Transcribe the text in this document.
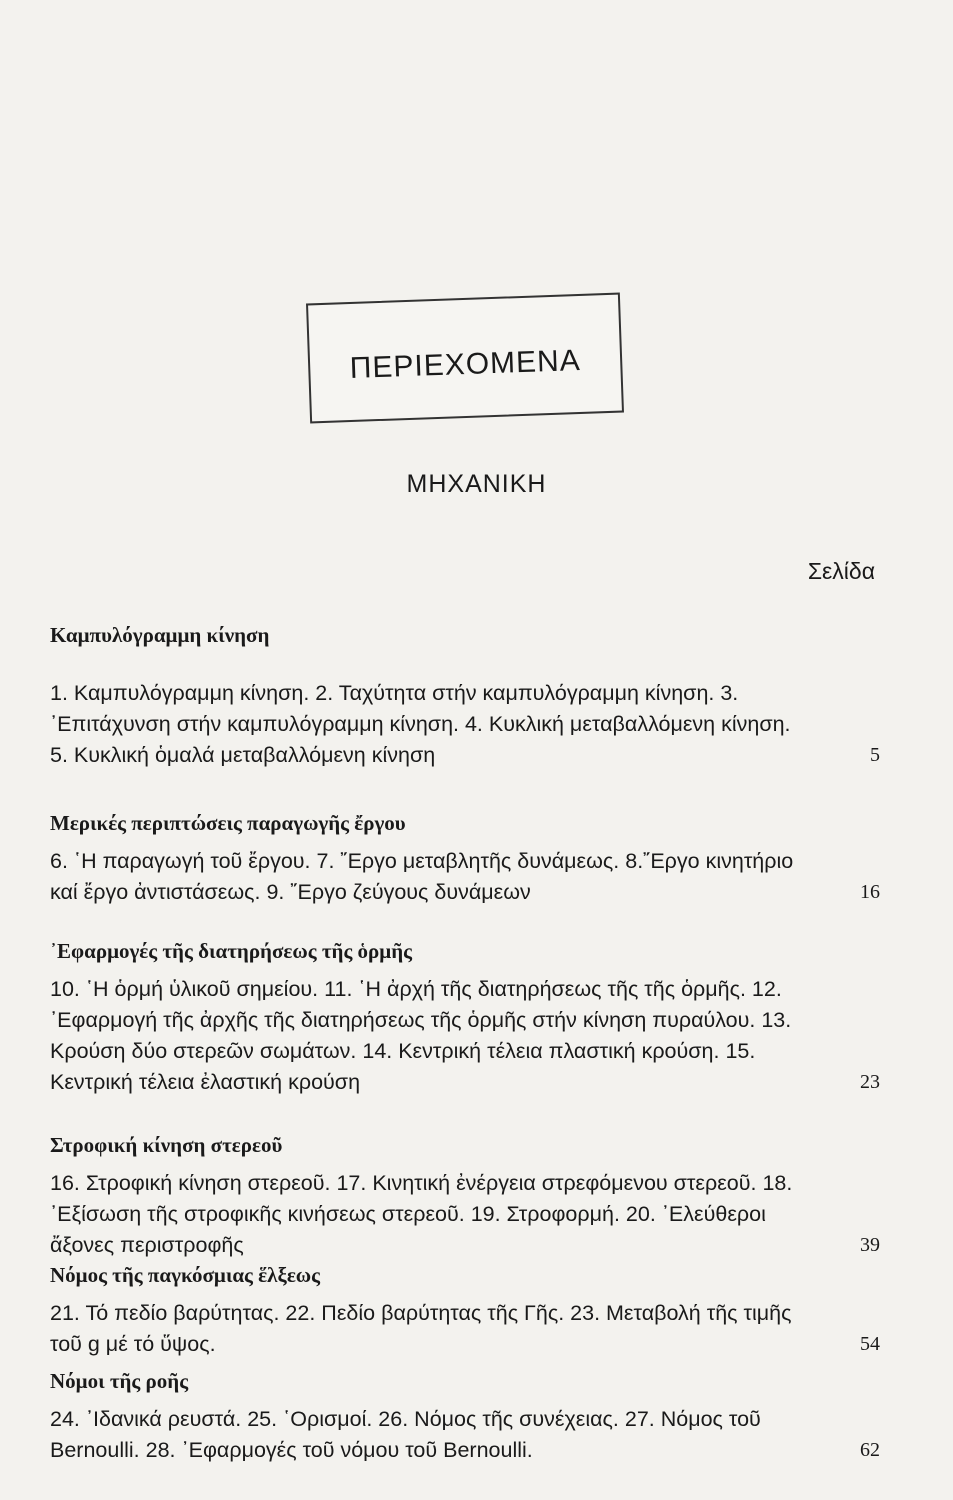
ΠΕΡΙΕΧΟΜΕΝΑ
ΜΗΧΑΝΙΚΗ
Σελίδα
Καμπυλόγραμμη κίνηση
1. Καμπυλόγραμμη κίνηση. 2. Ταχύτητα στήν καμπυλόγραμμη κίνηση. 3. ᾿Επιτάχυνση στήν καμπυλόγραμμη κίνηση. 4. Κυκλική μεταβαλλόμενη κίνηση. 5. Κυκλική ὁμαλά μεταβαλλόμενη κίνηση	5
Μερικές περιπτώσεις παραγωγῆς ἔργου
6. ῾Η παραγωγή τοῦ ἔργου. 7. ῎Εργο μεταβλητῆς δυνάμεως. 8.῎Εργο κινητήριο καί ἔργο ἀντιστάσεως. 9. ῎Εργο ζεύγους δυνάμεων	16
᾿Εφαρμογές τῆς διατηρήσεως τῆς ὁρμῆς
10. ῾Η ὁρμή ὑλικοῦ σημείου. 11. ῾Η ἀρχή τῆς διατηρήσεως τῆς τῆς ὁρμῆς. 12. ᾿Εφαρμογή τῆς ἀρχῆς τῆς διατηρήσεως τῆς ὁρμῆς στήν κίνηση πυραύλου. 13. Κρούση δύο στερεῶν σωμάτων. 14. Κεντρική τέλεια πλαστική κρούση. 15. Κεντρική τέλεια ἐλαστική κρούση	23
Στροφική κίνηση στερεοῦ
16. Στροφική κίνηση στερεοῦ. 17. Κινητική ἐνέργεια στρεφόμενου στερεοῦ. 18. ᾿Εξίσωση τῆς στροφικῆς κινήσεως στερεοῦ. 19. Στροφορμή. 20. ᾿Ελεύθεροι ἄξονες περιστροφῆς	39
Νόμος τῆς παγκόσμιας ἕλξεως
21. Τό πεδίο βαρύτητας. 22. Πεδίο βαρύτητας τῆς Γῆς. 23. Μεταβολή τῆς τιμῆς τοῦ g μέ τό ὕψος.	54
Νόμοι τῆς ροῆς
24. ᾿Ιδανικά ρευστά. 25. ῾Ορισμοί. 26. Νόμος τῆς συνέχειας. 27. Νόμος τοῦ Bernoulli. 28. ᾿Εφαρμογές τοῦ νόμου τοῦ Bernoulli.	62
